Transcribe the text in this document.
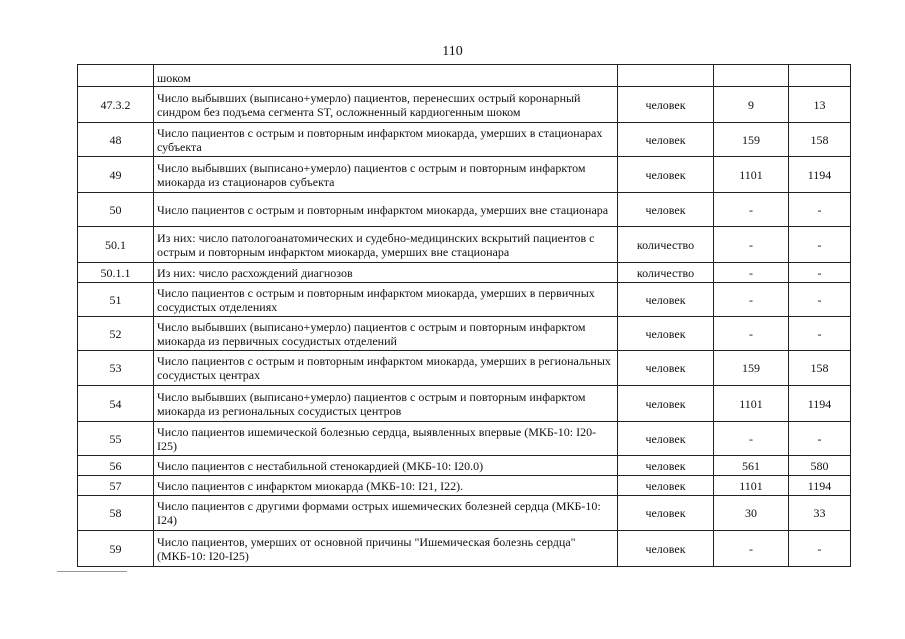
110
	шоком			
47.3.2	Число выбывших (выписано+умерло) пациентов, перенесших острый коронарный синдром без подъема сегмента ST, осложненный кардиогенным шоком	человек	9	13
48	Число пациентов с острым и повторным инфарктом миокарда, умерших в стационарах субъекта	человек	159	158
49	Число выбывших (выписано+умерло) пациентов с острым и повторным инфарктом миокарда из стационаров субъекта	человек	1101	1194
50	Число пациентов с острым и повторным инфарктом миокарда, умерших вне стационара	человек	-	-
50.1	Из них: число патологоанатомических и судебно-медицинских вскрытий пациентов с острым и повторным инфарктом миокарда, умерших вне стационара	количество	-	-
50.1.1	Из них: число расхождений диагнозов	количество	-	-
51	Число пациентов с острым и повторным инфарктом миокарда, умерших в первичных сосудистых отделениях	человек	-	-
52	Число выбывших (выписано+умерло) пациентов с острым и повторным инфарктом миокарда из первичных сосудистых отделений	человек	-	-
53	Число пациентов с острым и повторным инфарктом миокарда, умерших в региональных сосудистых центрах	человек	159	158
54	Число выбывших (выписано+умерло) пациентов с острым и повторным инфарктом миокарда из региональных сосудистых центров	человек	1101	1194
55	Число пациентов ишемической болезнью сердца, выявленных впервые (МКБ-10: I20-I25)	человек	-	-
56	Число пациентов с нестабильной стенокардией (МКБ-10: I20.0)	человек	561	580
57	Число пациентов с инфарктом миокарда (МКБ-10: I21, I22).	человек	1101	1194
58	Число пациентов с другими формами острых ишемических болезней сердца (МКБ-10: I24)	человек	30	33
59	Число пациентов, умерших от основной причины "Ишемическая болезнь сердца" (МКБ-10: I20-I25)	человек	-	-
